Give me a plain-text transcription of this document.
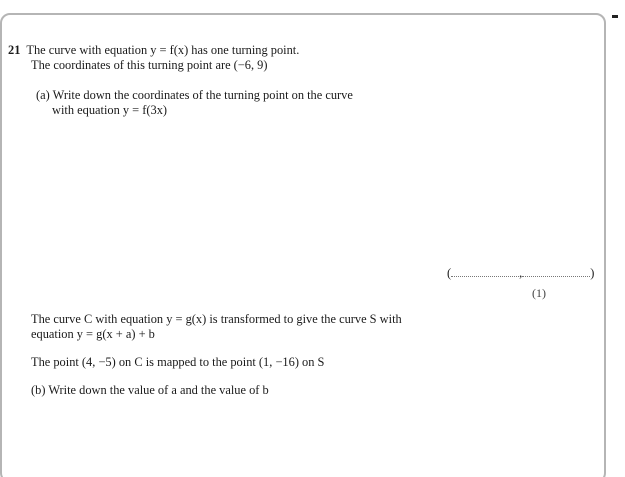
21 The curve with equation y = f(x) has one turning point.
The coordinates of this turning point are (−6, 9)
(a) Write down the coordinates of the turning point on the curve
with equation y = f(3x)
(	,	)
(1)
The curve C with equation y = g(x) is transformed to give the curve S with
equation y = g(x + a) + b
The point (4, −5) on C is mapped to the point (1, −16) on S
(b) Write down the value of a and the value of b
